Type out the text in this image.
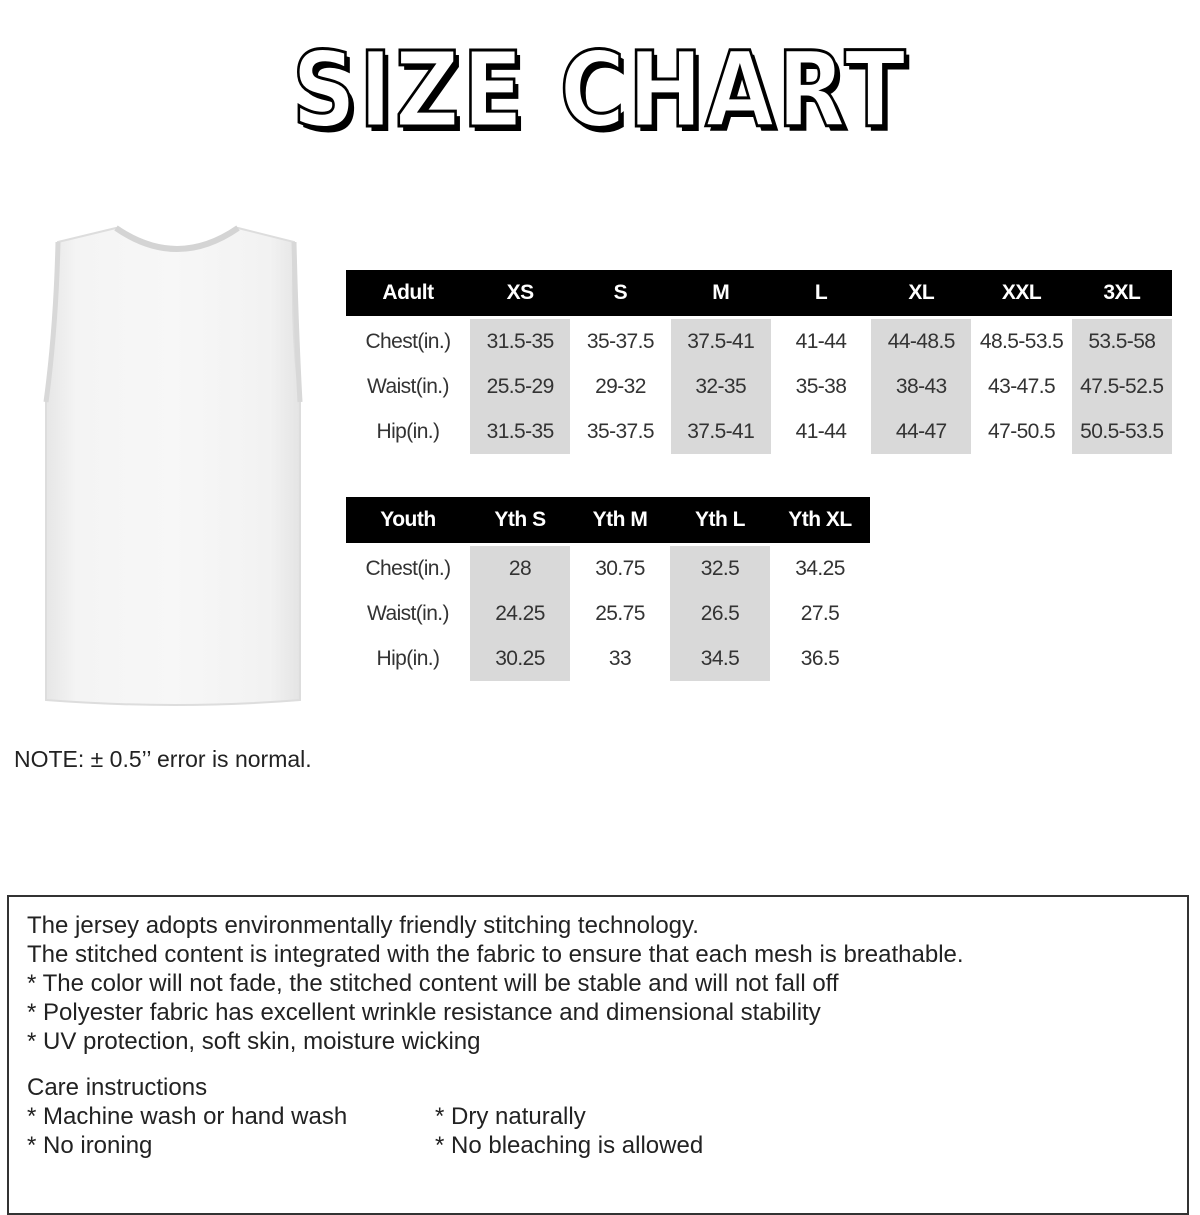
SIZE CHART
Adult	XS	S	M	L	XL	XXL	3XL

Chest(in.)	31.5-35	35-37.5	37.5-41	41-44	44-48.5	48.5-53.5	53.5-58
Waist(in.)	25.5-29	29-32	32-35	35-38	38-43	43-47.5	47.5-52.5
Hip(in.)	31.5-35	35-37.5	37.5-41	41-44	44-47	47-50.5	50.5-53.5
Youth	Yth S	Yth M	Yth L	Yth XL

Chest(in.)	28	30.75	32.5	34.25
Waist(in.)	24.25	25.75	26.5	27.5
Hip(in.)	30.25	33	34.5	36.5
NOTE: ± 0.5’’ error is normal.
The jersey adopts environmentally friendly stitching technology.
The stitched content is integrated with the fabric to ensure that each mesh is breathable.
* The color will not fade, the stitched content will be stable and will not fall off
* Polyester fabric has excellent wrinkle resistance and dimensional stability
* UV protection, soft skin, moisture wicking
Care instructions
* Machine wash or hand wash	* Dry naturally
* No ironing	* No bleaching is allowed
